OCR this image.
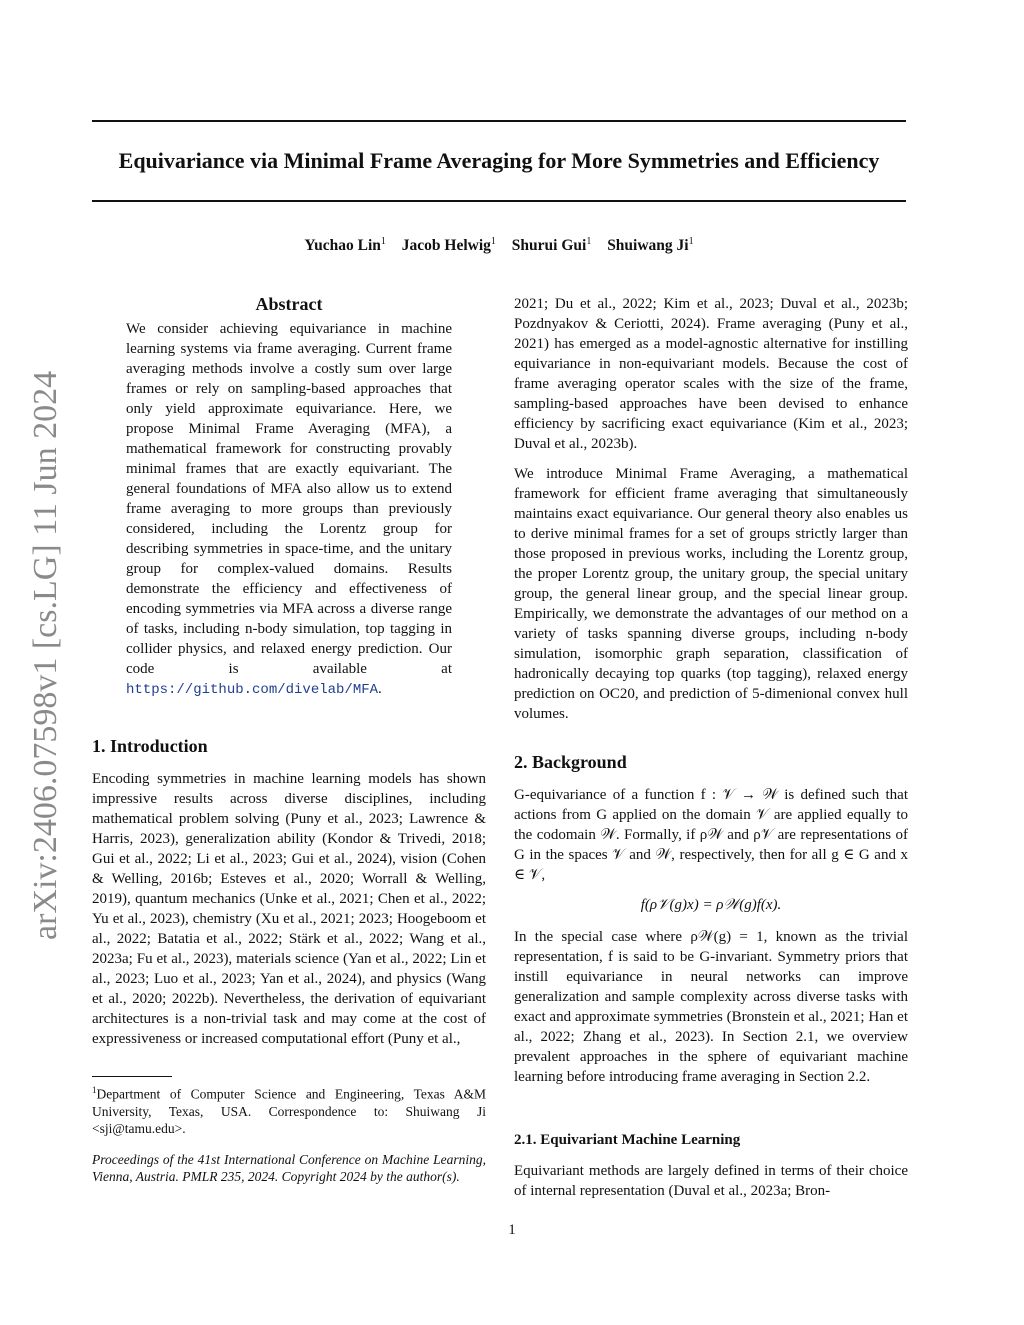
Equivariance via Minimal Frame Averaging for More Symmetries and Efficiency
Yuchao Lin$^1$ Jacob Helwig$^1$ Shurui Gui$^1$ Shuiwang Ji$^1$
arXiv:2406.07598v1 [cs.LG] 11 Jun 2024
Abstract
We consider achieving equivariance in machine learning systems via frame averaging. Current frame averaging methods involve a costly sum over large frames or rely on sampling-based approaches that only yield approximate equivariance. Here, we propose Minimal Frame Averaging (MFA), a mathematical framework for constructing provably minimal frames that are exactly equivariant. The general foundations of MFA also allow us to extend frame averaging to more groups than previously considered, including the Lorentz group for describing symmetries in space-time, and the unitary group for complex-valued domains. Results demonstrate the efficiency and effectiveness of encoding symmetries via MFA across a diverse range of tasks, including n-body simulation, top tagging in collider physics, and relaxed energy prediction. Our code is available at https://github.com/divelab/MFA.
1. Introduction

Encoding symmetries in machine learning models has shown impressive results across diverse disciplines, including mathematical problem solving (Puny et al., 2023; Lawrence & Harris, 2023), generalization ability (Kondor & Trivedi, 2018; Gui et al., 2022; Li et al., 2023; Gui et al., 2024), vision (Cohen & Welling, 2016b; Esteves et al., 2020; Worrall & Welling, 2019), quantum mechanics (Unke et al., 2021; Chen et al., 2022; Yu et al., 2023), chemistry (Xu et al., 2021; 2023; Hoogeboom et al., 2022; Batatia et al., 2022; Stärk et al., 2022; Wang et al., 2023a; Fu et al., 2023), materials science (Yan et al., 2022; Lin et al., 2023; Luo et al., 2023; Yan et al., 2024), and physics (Wang et al., 2020; 2022b). Nevertheless, the derivation of equivariant architectures is a non-trivial task and may come at the cost of expressiveness or increased computational effort (Puny et al.,

$^1$Department of Computer Science and Engineering, Texas A&M University, Texas, USA. Correspondence to: Shuiwang Ji <sji@tamu.edu>.

Proceedings of the 41st International Conference on Machine Learning, Vienna, Austria. PMLR 235, 2024. Copyright 2024 by the author(s).

2021; Du et al., 2022; Kim et al., 2023; Duval et al., 2023b; Pozdnyakov & Ceriotti, 2024). Frame averaging (Puny et al., 2021) has emerged as a model-agnostic alternative for instilling equivariance in non-equivariant models. Because the cost of frame averaging operator scales with the size of the frame, sampling-based approaches have been devised to enhance efficiency by sacrificing exact equivariance (Kim et al., 2023; Duval et al., 2023b).

We introduce Minimal Frame Averaging, a mathematical framework for efficient frame averaging that simultaneously maintains exact equivariance. Our general theory also enables us to derive minimal frames for a set of groups strictly larger than those proposed in previous works, including the Lorentz group, the proper Lorentz group, the unitary group, the special unitary group, the general linear group, and the special linear group. Empirically, we demonstrate the advantages of our method on a variety of tasks spanning diverse groups, including n-body simulation, isomorphic graph separation, classification of hadronically decaying top quarks (top tagging), relaxed energy prediction on OC20, and prediction of 5-dimenional convex hull volumes.

2. Background

G-equivariance of a function f : 𝒱 → 𝒲 is defined such that actions from G applied on the domain 𝒱 are applied equally to the codomain 𝒲. Formally, if ρ𝒲 and ρ𝒱 are representations of G in the spaces 𝒱 and 𝒲, respectively, then for all g ∈ G and x ∈ 𝒱,

f(ρ𝒱(g)x) = ρ𝒲(g)f(x).

In the special case where ρ𝒲(g) = 1, known as the trivial representation, f is said to be G-invariant. Symmetry priors that instill equivariance in neural networks can improve generalization and sample complexity across diverse tasks with exact and approximate symmetries (Bronstein et al., 2021; Han et al., 2022; Zhang et al., 2023). In Section 2.1, we overview prevalent approaches in the sphere of equivariant machine learning before introducing frame averaging in Section 2.2.

2.1. Equivariant Machine Learning

Equivariant methods are largely defined in terms of their choice of internal representation (Duval et al., 2023a; Bron-

1
